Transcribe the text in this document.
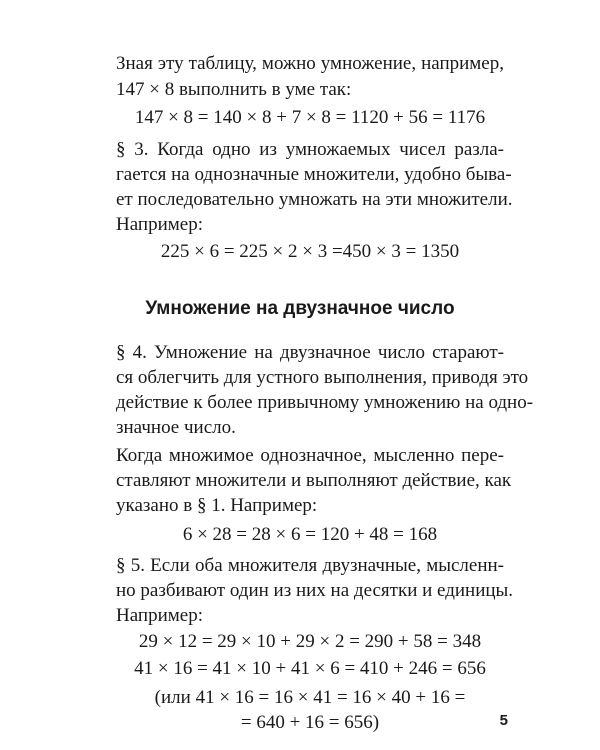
Зная эту таблицу, можно умножение, например,
147 × 8 выполнить в уме так:
147 × 8 = 140 × 8 + 7 × 8 = 1120 + 56 = 1176
§ 3. Когда одно из умножаемых чисел разла-
гается на однозначные множители, удобно быва-
ет последовательно умножать на эти множители.
Например:
225 × 6 = 225 × 2 × 3 =450 × 3 = 1350
Умножение на двузначное число
§ 4. Умножение на двузначное число старают-
ся облегчить для устного выполнения, приводя это
действие к более привычному умножению на одно-
значное число.
Когда множимое однозначное, мысленно пере-
ставляют множители и выполняют действие, как
указано в § 1. Например:
6 × 28 = 28 × 6 = 120 + 48 = 168
§ 5. Если оба множителя двузначные, мысленн-
но разбивают один из них на десятки и единицы.
Например:
29 × 12 = 29 × 10 + 29 × 2 = 290 + 58 = 348
41 × 16 = 41 × 10 + 41 × 6 = 410 + 246 = 656
(или 41 × 16 = 16 × 41 = 16 × 40 + 16 =
= 640 + 16 = 656)	5
